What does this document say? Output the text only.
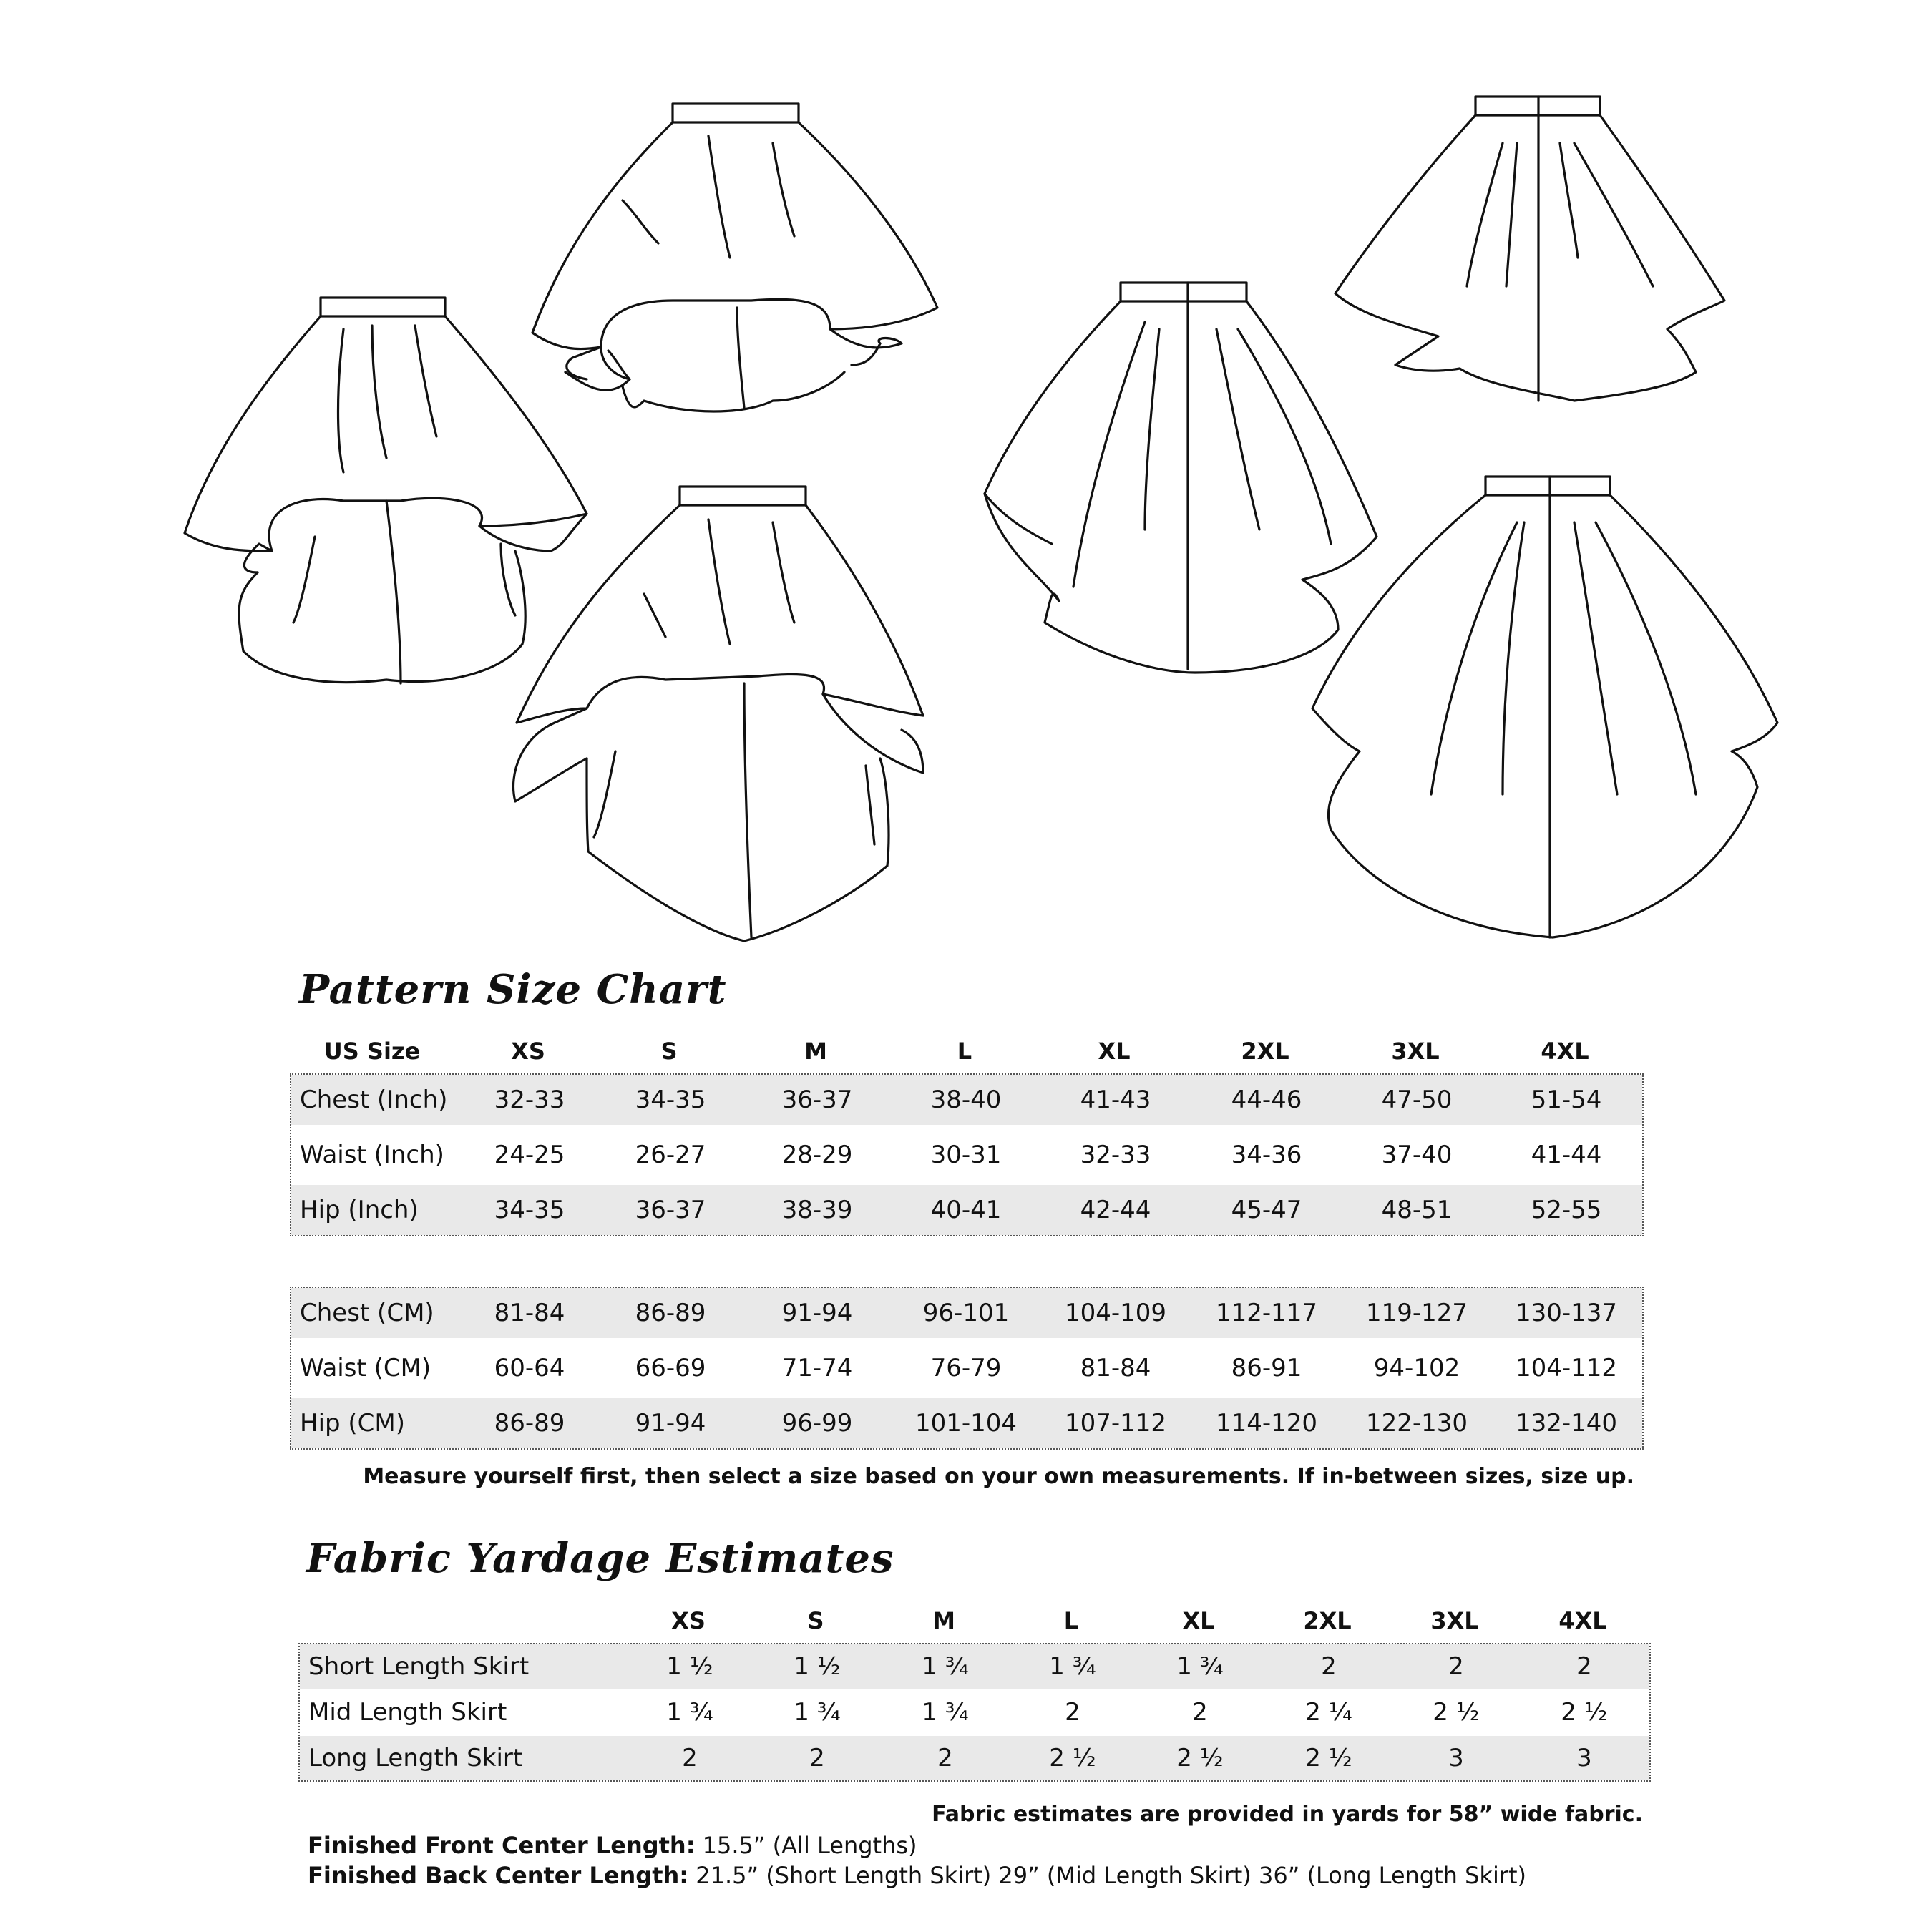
Pattern Size Chart
US Size	XS	S	M	L	XL	2XL	3XL	4XL
Chest (Inch) 32-33	34-35	36-37	38-40	41-43	44-46	47-50	51-54
Waist (Inch) 24-25	26-27	28-29	30-31	32-33	34-36	37-40	41-44
Hip (Inch)	34-35	36-37	38-39	40-41	42-44	45-47	48-51	52-55
Chest (CM) 81-84	86-89	91-94	96-101 104-109 112-117 119-127 130-137
Waist (CM)	60-64	66-69	71-74	76-79	81-84	86-91	94-102 104-112
Hip (CM)	86-89	91-94	96-99	101-104 107-112 114-120 122-130 132-140
Measure yourself first, then select a size based on your own measurements. If in-between sizes, size up.
Fabric Yardage Estimates
XS	S	M	L	XL	2XL	3XL	4XL
Short Length Skirt	1 ½	1 ½	1 ¾	1 ¾	1 ¾	2	2	2
Mid Length Skirt	1 ¾	1 ¾	1 ¾	2	2	2 ¼	2 ½	2 ½
Long Length Skirt	2	2	2	2 ½	2 ½	2 ½	3	3
Fabric estimates are provided in yards for 58” wide fabric.
Finished Front Center Length: 15.5” (All Lengths)
Finished Back Center Length: 21.5” (Short Length Skirt) 29” (Mid Length Skirt) 36” (Long Length Skirt)
